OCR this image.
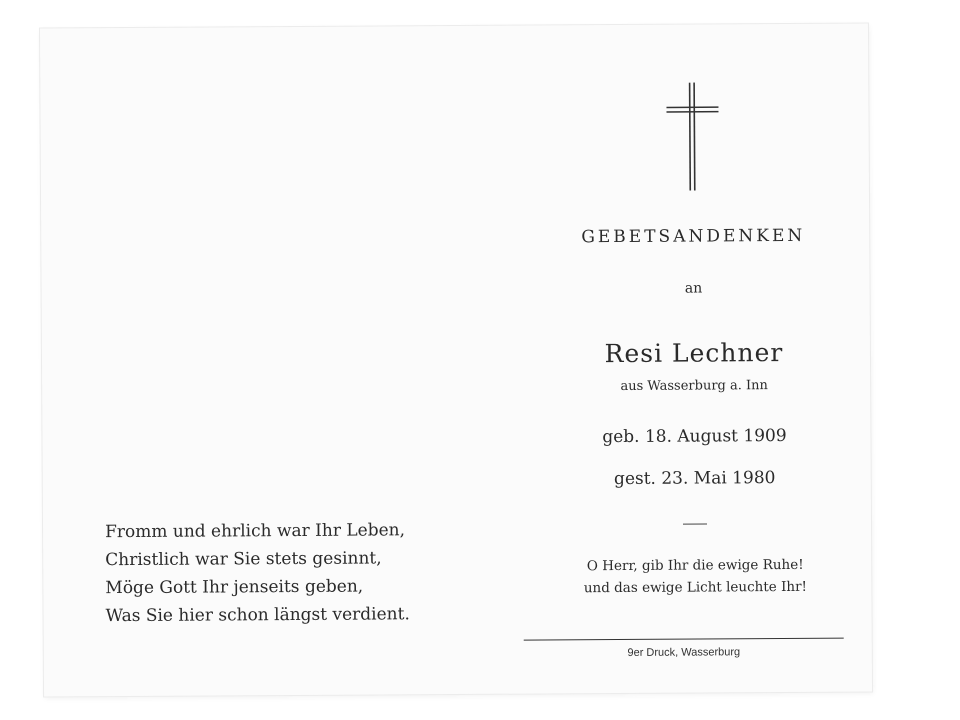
Fromm und ehrlich war Ihr Leben,
Christlich war Sie stets gesinnt,
Möge Gott Ihr jenseits geben,
Was Sie hier schon längst verdient.
GEBETSANDENKEN
an
Resi Lechner
aus Wasserburg a. Inn
geb. 18. August 1909
gest. 23. Mai 1980
O Herr, gib Ihr die ewige Ruhe!
und das ewige Licht leuchte Ihr!
9er Druck, Wasserburg
